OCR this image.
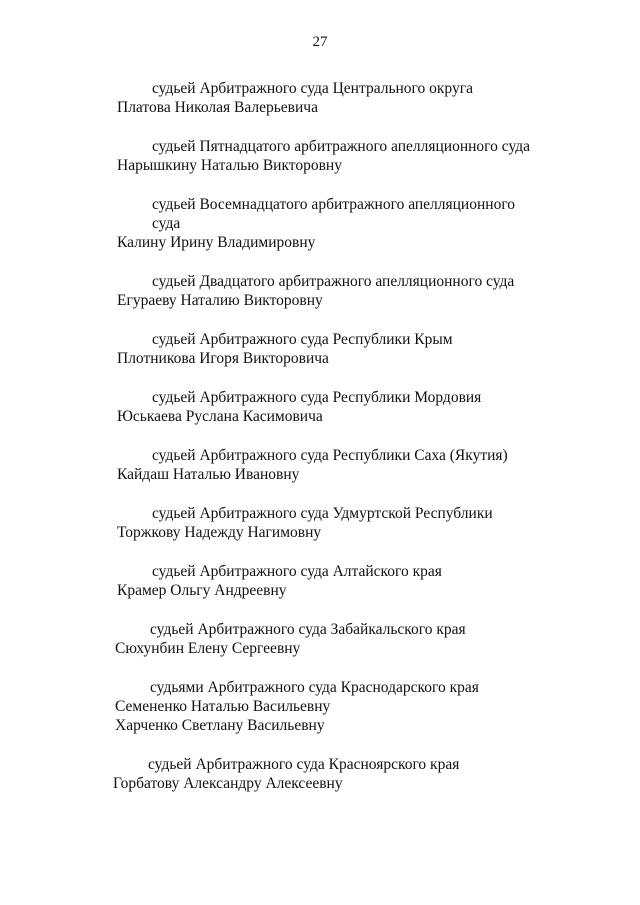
27
судьей Арбитражного суда Центрального округа
Платова Николая Валерьевича
судьей Пятнадцатого арбитражного апелляционного суда
Нарышкину Наталью Викторовну
судьей Восемнадцатого арбитражного апелляционного
суда
Калину Ирину Владимировну
судьей Двадцатого арбитражного апелляционного суда
Егураеву Наталию Викторовну
судьей Арбитражного суда Республики Крым
Плотникова Игоря Викторовича
судьей Арбитражного суда Республики Мордовия
Юськаева Руслана Касимовича
судьей Арбитражного суда Республики Саха (Якутия)
Кайдаш Наталью Ивановну
судьей Арбитражного суда Удмуртской Республики
Торжкову Надежду Нагимовну
судьей Арбитражного суда Алтайского края
Крамер Ольгу Андреевну
судьей Арбитражного суда Забайкальского края
Сюхунбин Елену Сергеевну
судьями Арбитражного суда Краснодарского края
Семененко Наталью Васильевну
Харченко Светлану Васильевну
судьей Арбитражного суда Красноярского края
Горбатову Александру Алексеевну
